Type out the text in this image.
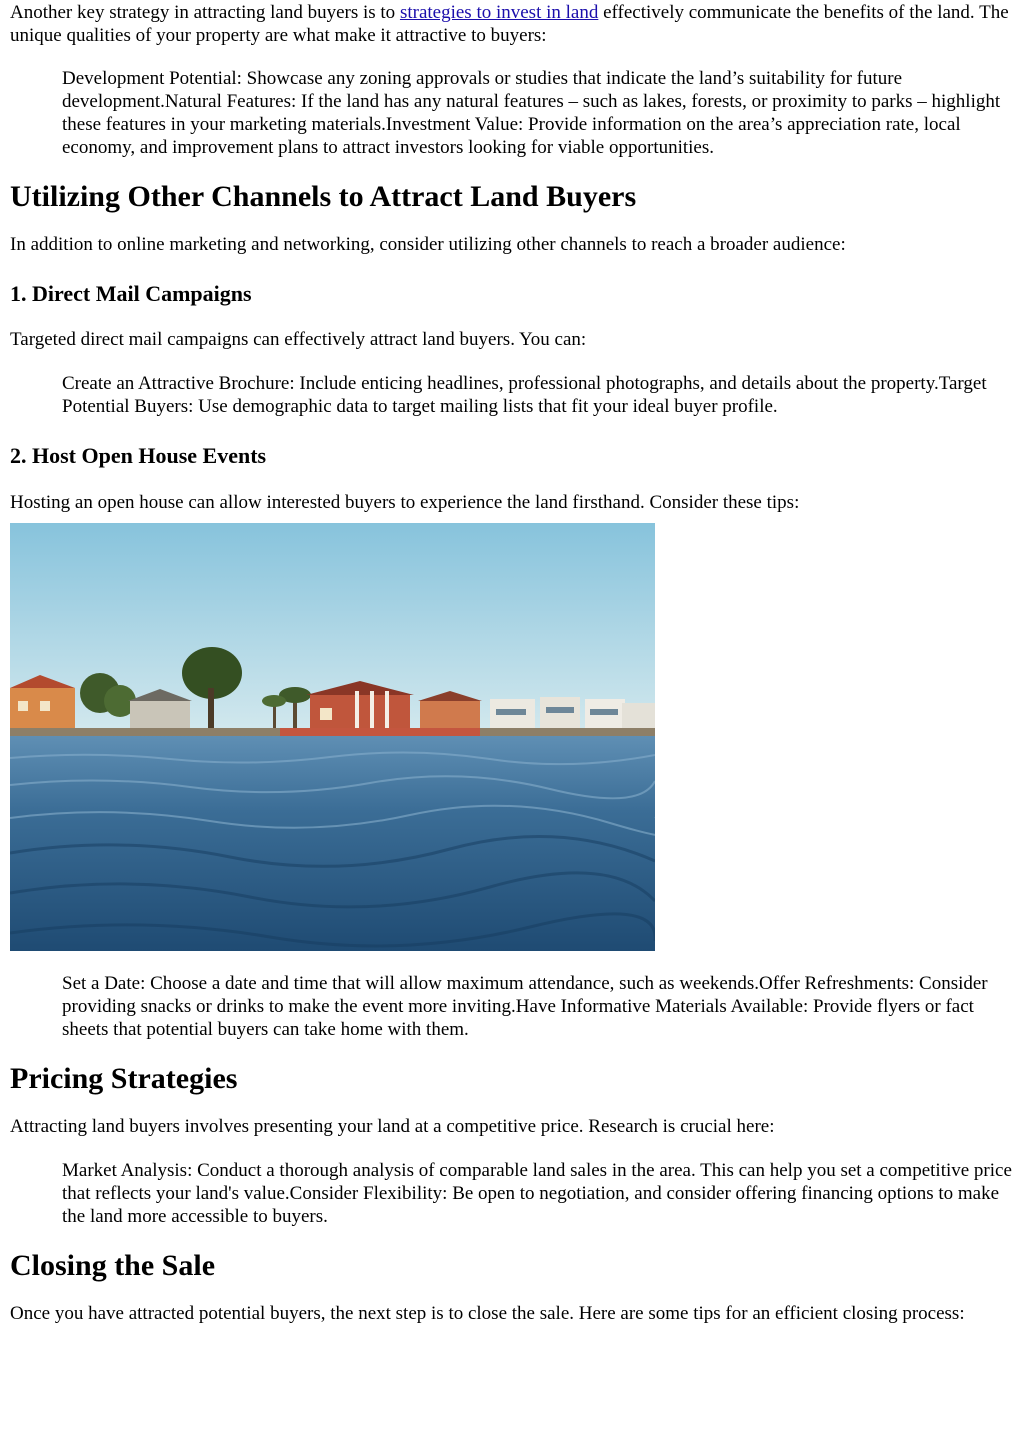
Another key strategy in attracting land buyers is to strategies to invest in land effectively communicate the benefits of the land. The unique qualities of your property are what make it attractive to buyers:

Development Potential: Showcase any zoning approvals or studies that indicate the land’s suitability for future development.Natural Features: If the land has any natural features – such as lakes, forests, or proximity to parks – highlight these features in your marketing materials.Investment Value: Provide information on the area’s appreciation rate, local economy, and improvement plans to attract investors looking for viable opportunities.
Utilizing Other Channels to Attract Land Buyers

In addition to online marketing and networking, consider utilizing other channels to reach a broader audience:

1. Direct Mail Campaigns

Targeted direct mail campaigns can effectively attract land buyers. You can:

Create an Attractive Brochure: Include enticing headlines, professional photographs, and details about the property.Target Potential Buyers: Use demographic data to target mailing lists that fit your ideal buyer profile.
2. Host Open House Events

Hosting an open house can allow interested buyers to experience the land firsthand. Consider these tips:

Set a Date: Choose a date and time that will allow maximum attendance, such as weekends.Offer Refreshments: Consider providing snacks or drinks to make the event more inviting.Have Informative Materials Available: Provide flyers or fact sheets that potential buyers can take home with them.
Pricing Strategies

Attracting land buyers involves presenting your land at a competitive price. Research is crucial here:

Market Analysis: Conduct a thorough analysis of comparable land sales in the area. This can help you set a competitive price that reflects your land's value.Consider Flexibility: Be open to negotiation, and consider offering financing options to make the land more accessible to buyers.
Closing the Sale

Once you have attracted potential buyers, the next step is to close the sale. Here are some tips for an efficient closing process:
